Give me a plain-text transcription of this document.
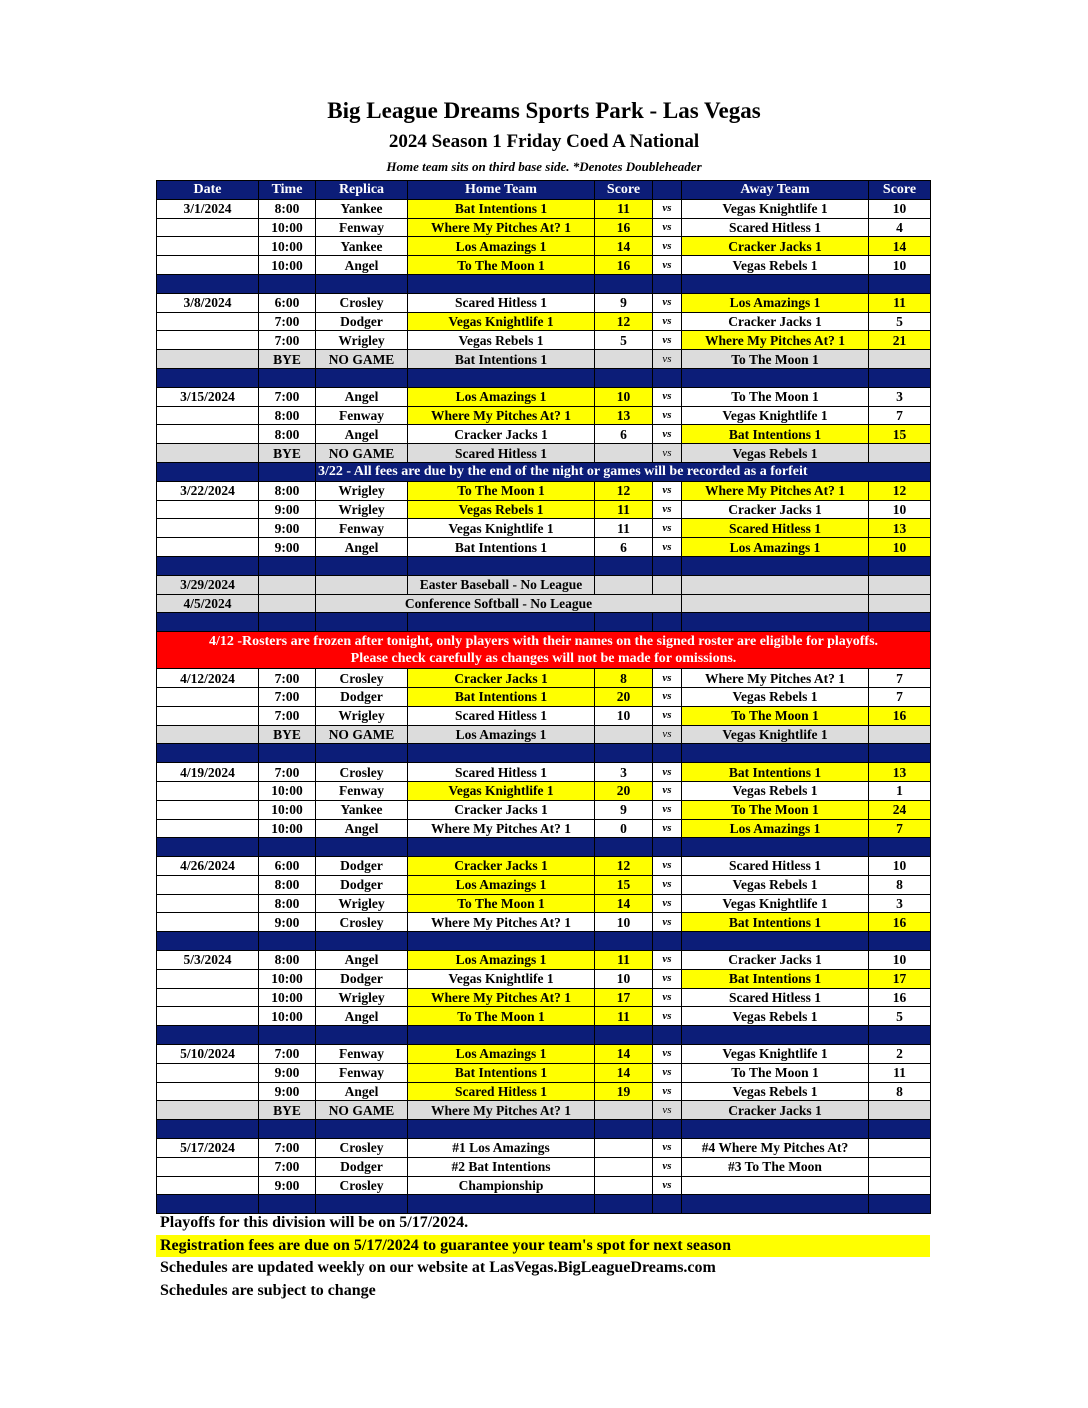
Big League Dreams Sports Park - Las Vegas
2024 Season 1 Friday Coed A National
Home team sits on third base side. *Denotes Doubleheader
Date	Time	Replica	Home Team	Score		Away Team	Score
3/1/2024	8:00	Yankee	Bat Intentions 1	11	vs	Vegas Knightlife 1	10
	10:00	Fenway	Where My Pitches At? 1	16	vs	Scared Hitless 1	4
	10:00	Yankee	Los Amazings 1	14	vs	Cracker Jacks 1	14
	10:00	Angel	To The Moon 1	16	vs	Vegas Rebels 1	10

3/8/2024	6:00	Crosley	Scared Hitless 1	9	vs	Los Amazings 1	11
	7:00	Dodger	Vegas Knightlife 1	12	vs	Cracker Jacks 1	5
	7:00	Wrigley	Vegas Rebels 1	5	vs	Where My Pitches At? 1	21
	BYE	NO GAME	Bat Intentions 1		vs	To The Moon 1	

3/15/2024	7:00	Angel	Los Amazings 1	10	vs	To The Moon 1	3
	8:00	Fenway	Where My Pitches At? 1	13	vs	Vegas Knightlife 1	7
	8:00	Angel	Cracker Jacks 1	6	vs	Bat Intentions 1	15
	BYE	NO GAME	Scared Hitless 1		vs	Vegas Rebels 1	
		3/22 - All fees are due by the end of the night or games will be recorded as a forfeit					
3/22/2024	8:00	Wrigley	To The Moon 1	12	vs	Where My Pitches At? 1	12
	9:00	Wrigley	Vegas Rebels 1	11	vs	Cracker Jacks 1	10
	9:00	Fenway	Vegas Knightlife 1	11	vs	Scared Hitless 1	13
	9:00	Angel	Bat Intentions 1	6	vs	Los Amazings 1	10

3/29/2024			Easter Baseball - No League				
4/5/2024		Conference Softball - No League					

4/12 -Rosters are frozen after tonight, only players with their names on the signed roster are eligible for playoffs.
Please check carefully as changes will not be made for omissions.							

4/12/2024	7:00	Crosley	Cracker Jacks 1	8	vs	Where My Pitches At? 1	7
	7:00	Dodger	Bat Intentions 1	20	vs	Vegas Rebels 1	7
	7:00	Wrigley	Scared Hitless 1	10	vs	To The Moon 1	16
	BYE	NO GAME	Los Amazings 1		vs	Vegas Knightlife 1	

4/19/2024	7:00	Crosley	Scared Hitless 1	3	vs	Bat Intentions 1	13
	10:00	Fenway	Vegas Knightlife 1	20	vs	Vegas Rebels 1	1
	10:00	Yankee	Cracker Jacks 1	9	vs	To The Moon 1	24
	10:00	Angel	Where My Pitches At? 1	0	vs	Los Amazings 1	7

4/26/2024	6:00	Dodger	Cracker Jacks 1	12	vs	Scared Hitless 1	10
	8:00	Dodger	Los Amazings 1	15	vs	Vegas Rebels 1	8
	8:00	Wrigley	To The Moon 1	14	vs	Vegas Knightlife 1	3
	9:00	Crosley	Where My Pitches At? 1	10	vs	Bat Intentions 1	16

5/3/2024	8:00	Angel	Los Amazings 1	11	vs	Cracker Jacks 1	10
	10:00	Dodger	Vegas Knightlife 1	10	vs	Bat Intentions 1	17
	10:00	Wrigley	Where My Pitches At? 1	17	vs	Scared Hitless 1	16
	10:00	Angel	To The Moon 1	11	vs	Vegas Rebels 1	5

5/10/2024	7:00	Fenway	Los Amazings 1	14	vs	Vegas Knightlife 1	2
	9:00	Fenway	Bat Intentions 1	14	vs	To The Moon 1	11
	9:00	Angel	Scared Hitless 1	19	vs	Vegas Rebels 1	8
	BYE	NO GAME	Where My Pitches At? 1		vs	Cracker Jacks 1	

5/17/2024	7:00	Crosley	#1 Los Amazings		vs	#4 Where My Pitches At?	
	7:00	Dodger	#2 Bat Intentions		vs	#3 To The Moon	
	9:00	Crosley	Championship		vs		

Playoffs for this division will be on 5/17/2024.
Registration fees are due on 5/17/2024 to guarantee your team's spot for next season
Schedules are updated weekly on our website at LasVegas.BigLeagueDreams.com
Schedules are subject to change
